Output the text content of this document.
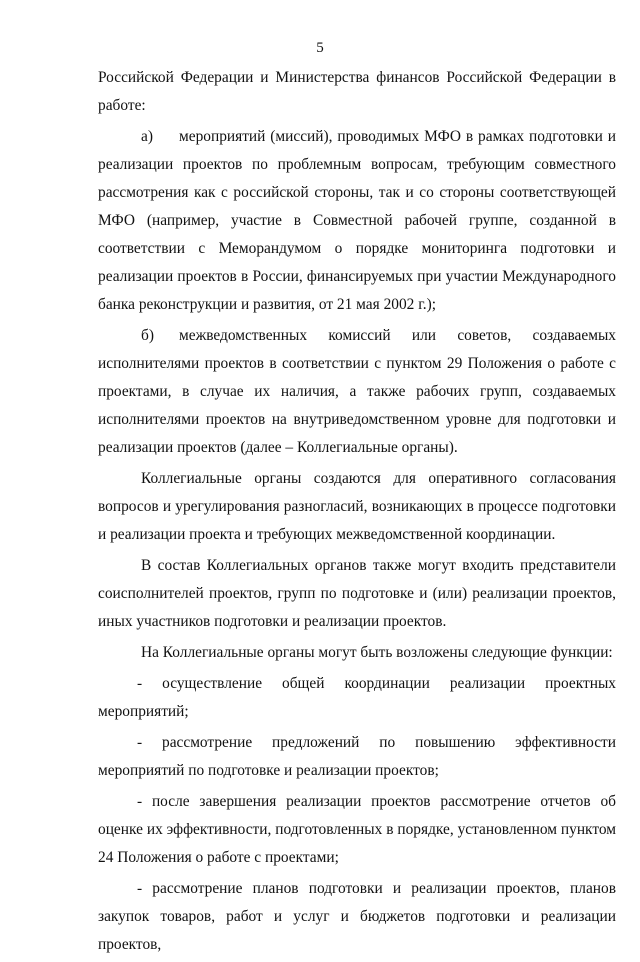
5

Российской Федерации и Министерства финансов Российской Федерации в работе:

а) мероприятий (миссий), проводимых МФО в рамках подготовки и реализации проектов по проблемным вопросам, требующим совместного рассмотрения как с российской стороны, так и со стороны соответствующей МФО (например, участие в Совместной рабочей группе, созданной в соответствии с Меморандумом о порядке мониторинга подготовки и реализации проектов в России, финансируемых при участии Международного банка реконструкции и развития, от 21 мая 2002 г.);

б) межведомственных комиссий или советов, создаваемых исполнителями проектов в соответствии с пунктом 29 Положения о работе с проектами, в случае их наличия, а также рабочих групп, создаваемых исполнителями проектов на внутриведомственном уровне для подготовки и реализации проектов (далее – Коллегиальные органы).

Коллегиальные органы создаются для оперативного согласования вопросов и урегулирования разногласий, возникающих в процессе подготовки и реализации проекта и требующих межведомственной координации.

В состав Коллегиальных органов также могут входить представители соисполнителей проектов, групп по подготовке и (или) реализации проектов, иных участников подготовки и реализации проектов.

На Коллегиальные органы могут быть возложены следующие функции:

- осуществление общей координации реализации проектных мероприятий;

- рассмотрение предложений по повышению эффективности мероприятий по подготовке и реализации проектов;

- после завершения реализации проектов рассмотрение отчетов об оценке их эффективности, подготовленных в порядке, установленном пунктом 24 Положения о работе с проектами;

- рассмотрение планов подготовки и реализации проектов, планов закупок товаров, работ и услуг и бюджетов подготовки и реализации проектов,
